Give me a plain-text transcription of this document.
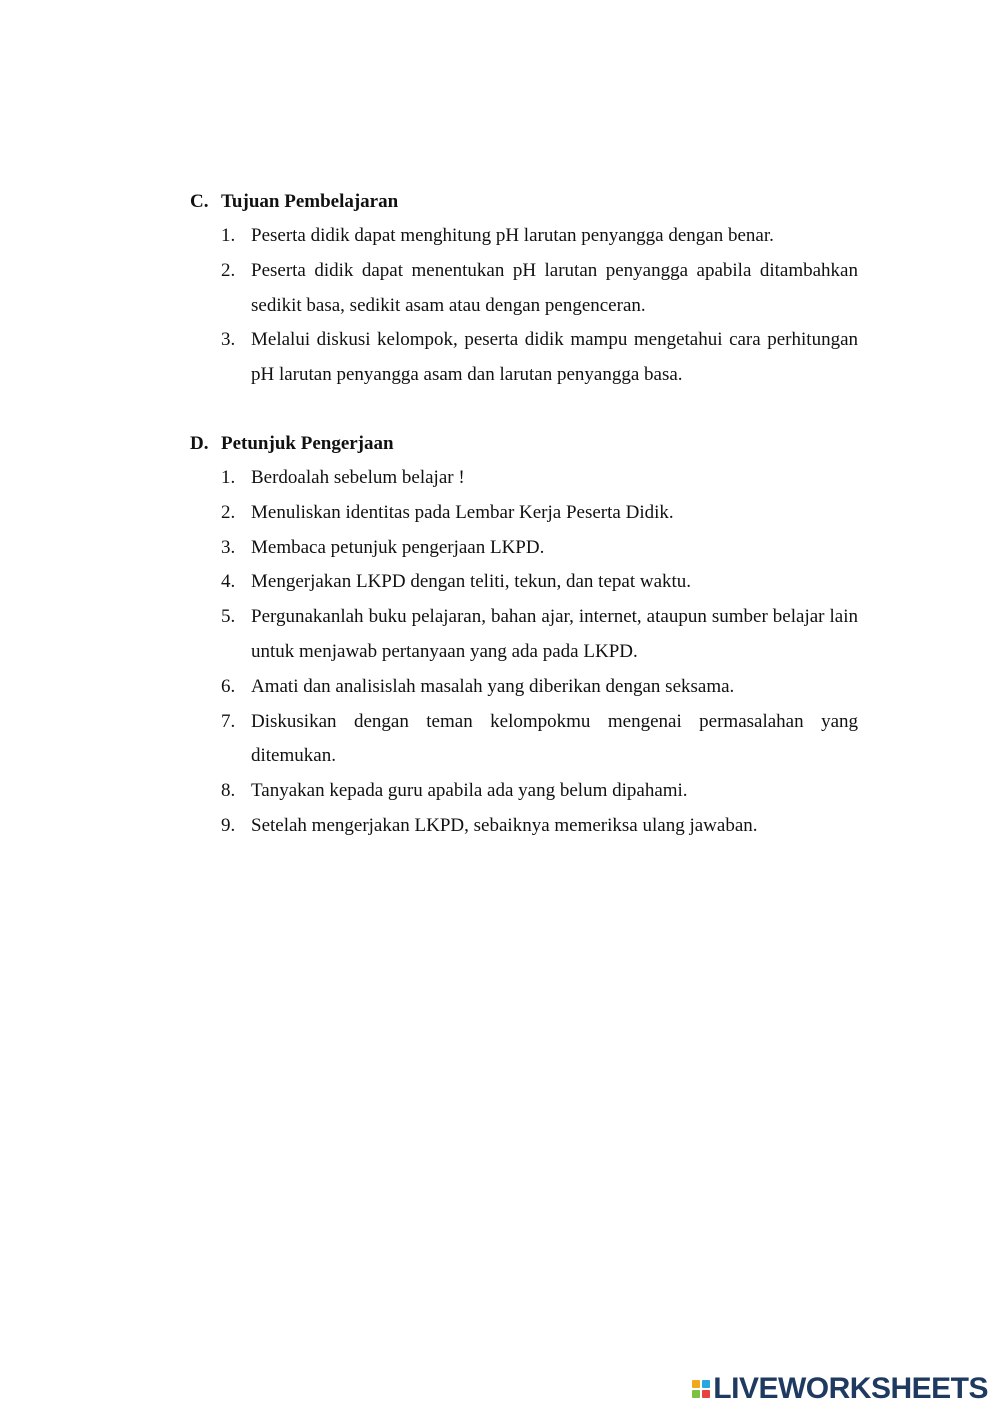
C. Tujuan Pembelajaran
1. Peserta didik dapat menghitung pH larutan penyangga dengan benar.
2. Peserta didik dapat menentukan pH larutan penyangga apabila ditambahkan sedikit basa, sedikit asam atau dengan pengenceran.
3. Melalui diskusi kelompok, peserta didik mampu mengetahui cara perhitungan pH larutan penyangga asam dan larutan penyangga basa.
D. Petunjuk Pengerjaan
1. Berdoalah sebelum belajar !
2. Menuliskan identitas pada Lembar Kerja Peserta Didik.
3. Membaca petunjuk pengerjaan LKPD.
4. Mengerjakan LKPD dengan teliti, tekun, dan tepat waktu.
5. Pergunakanlah buku pelajaran, bahan ajar, internet, ataupun sumber belajar lain untuk menjawab pertanyaan yang ada pada LKPD.
6. Amati dan analisislah masalah yang diberikan dengan seksama.
7. Diskusikan dengan teman kelompokmu mengenai permasalahan yang ditemukan.
8. Tanyakan kepada guru apabila ada yang belum dipahami.
9. Setelah mengerjakan LKPD, sebaiknya memeriksa ulang jawaban.
LIVEWORKSHEETS
